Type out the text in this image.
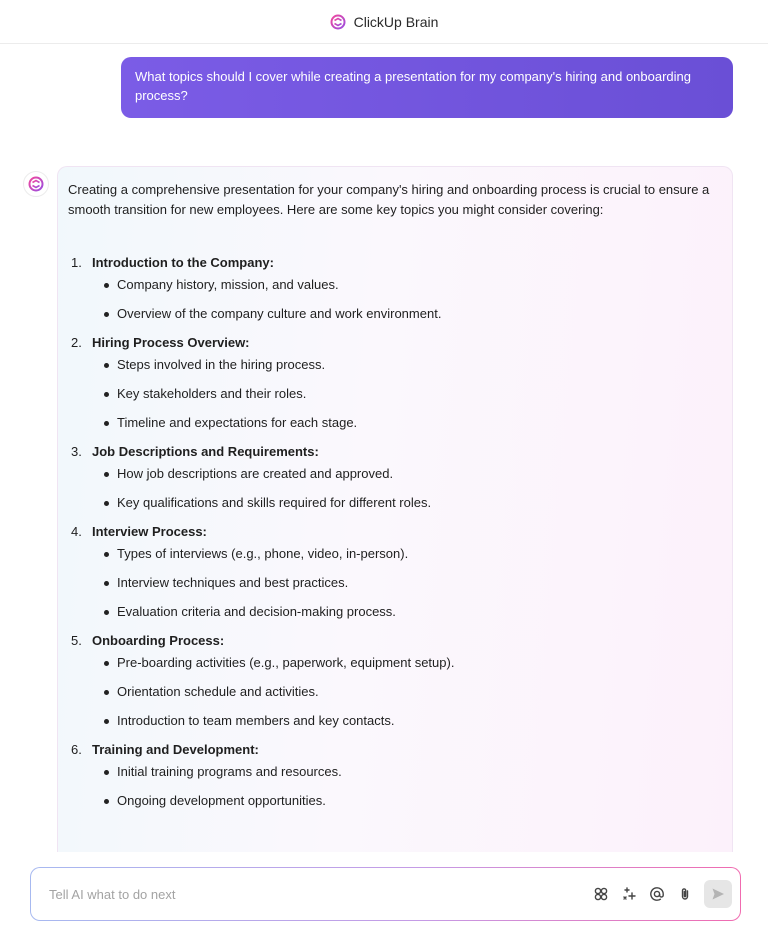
ClickUp Brain
What topics should I cover while creating a presentation for my company's hiring and onboarding process?

Creating a comprehensive presentation for your company's hiring and onboarding process is crucial to ensure a smooth transition for new employees. Here are some key topics you might consider covering:

1. Introduction to the Company:
Company history, mission, and values.
Overview of the company culture and work environment.
2. Hiring Process Overview:
Steps involved in the hiring process.
Key stakeholders and their roles.
Timeline and expectations for each stage.
3. Job Descriptions and Requirements:
How job descriptions are created and approved.
Key qualifications and skills required for different roles.
4. Interview Process:
Types of interviews (e.g., phone, video, in-person).
Interview techniques and best practices.
Evaluation criteria and decision-making process.
5. Onboarding Process:
Pre-boarding activities (e.g., paperwork, equipment setup).
Orientation schedule and activities.
Introduction to team members and key contacts.
6. Training and Development:
Initial training programs and resources.
Ongoing development opportunities.
Tell AI what to do next
